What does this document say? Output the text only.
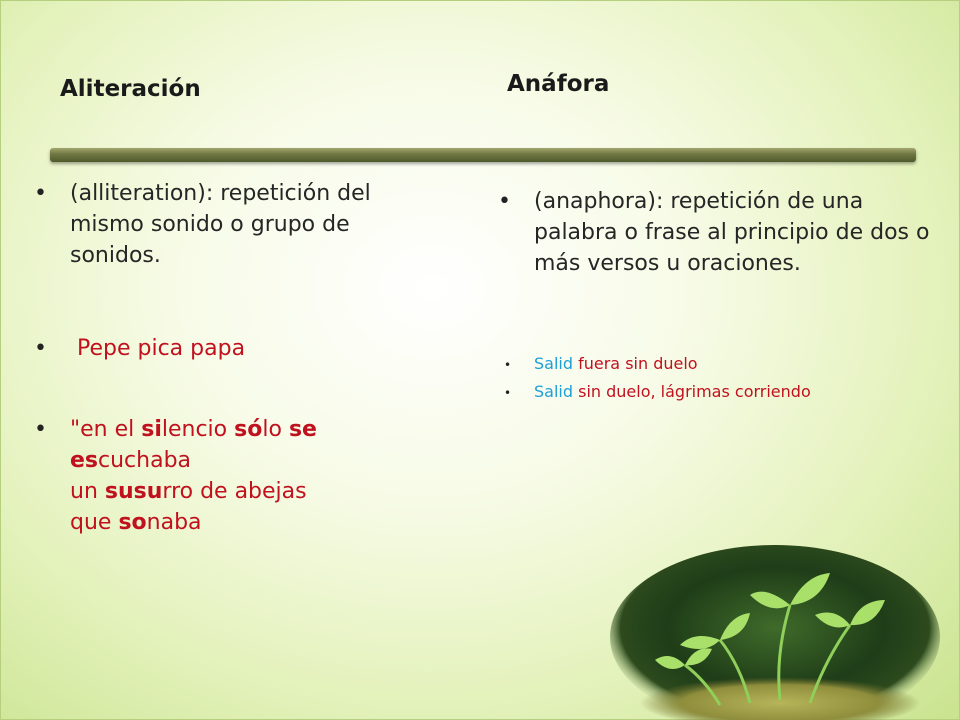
Aliteración	Anáfora
• (alliteration): repetición del mismo sonido o grupo de sonidos.
• Pepe pica papa
• "en el silencio sólo se
escuchaba
un susurro de abejas
que sonaba
• (anaphora): repetición de una palabra o frase al principio de dos o más versos u oraciones.
• Salid fuera sin duelo
• Salid sin duelo, lágrimas corriendo
